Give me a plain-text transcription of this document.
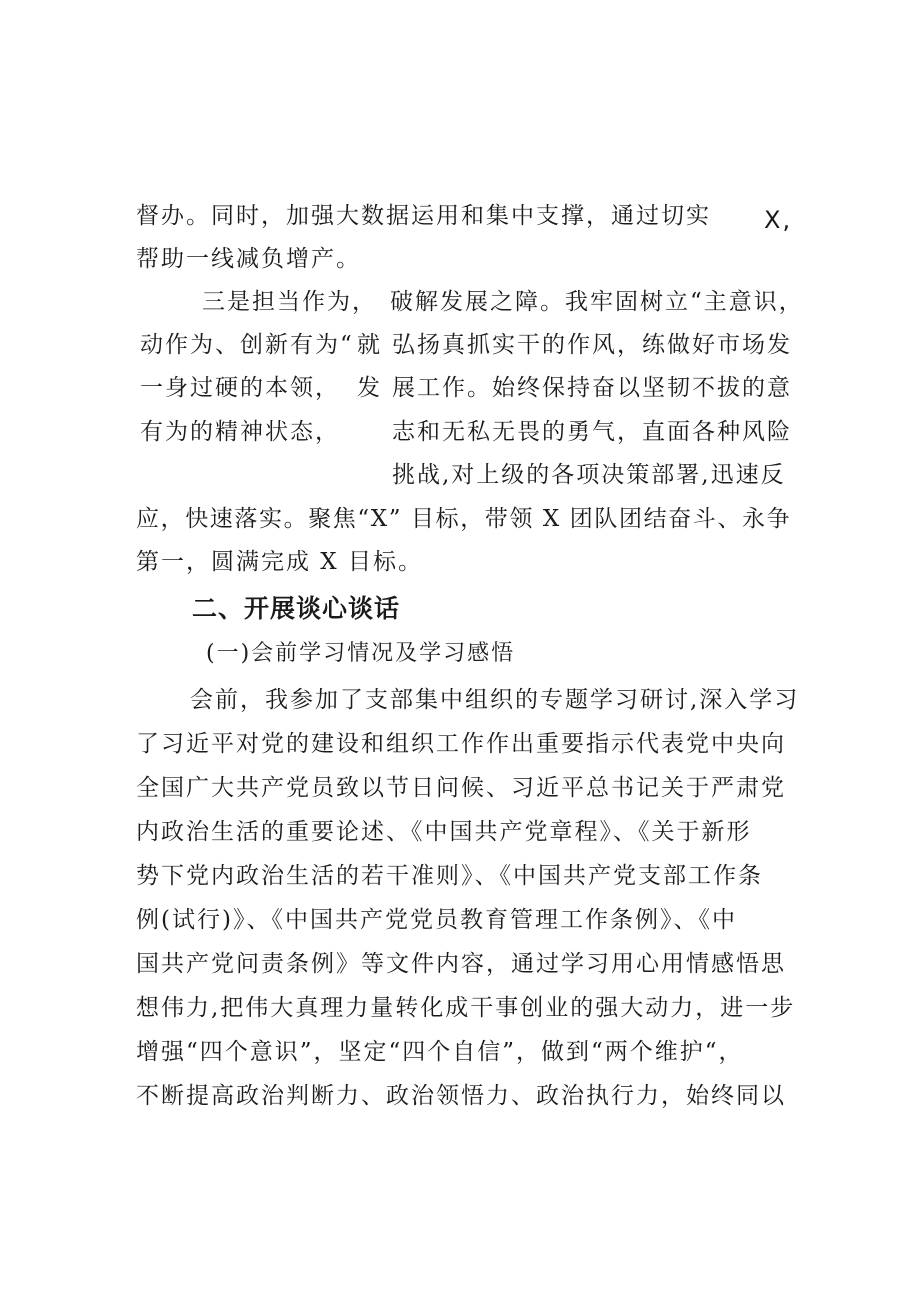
督办。同时，加强大数据运用和集中支撑，通过切实 X,
帮助一线减负增产。
三是担当作为， 破解发展之障。我牢固树立“主意识，
动作为、创新有为“ 就 弘扬真抓实干的作风，练做好市场发
一身过硬的本领， 发 展工作。始终保持奋以坚韧不拔的意
有为的精神状态， 志和无私无畏的勇气，直面各种风险
挑战,对上级的各项决策部署,迅速反
应，快速落实。聚焦“X” 目标，带领 X 团队团结奋斗、永争
第一，圆满完成 X 目标。
二、开展谈心谈话
(一)会前学习情况及学习感悟
会前，我参加了支部集中组织的专题学习研讨,深入学习
了习近平对党的建设和组织工作作出重要指示代表党中央向
全国广大共产党员致以节日问候、习近平总书记关于严肃党
内政治生活的重要论述、《中国共产党章程》、《关于新形
势下党内政治生活的若干准则》、《中国共产党支部工作条
例(试行)》、《中国共产党党员教育管理工作条例》、《中
国共产党问责条例》等文件内容，通过学习用心用情感悟思
想伟力,把伟大真理力量转化成干事创业的强大动力，进一步
增强“四个意识”，坚定“四个自信”，做到“两个维护“，
不断提高政治判断力、政治领悟力、政治执行力，始终同以
